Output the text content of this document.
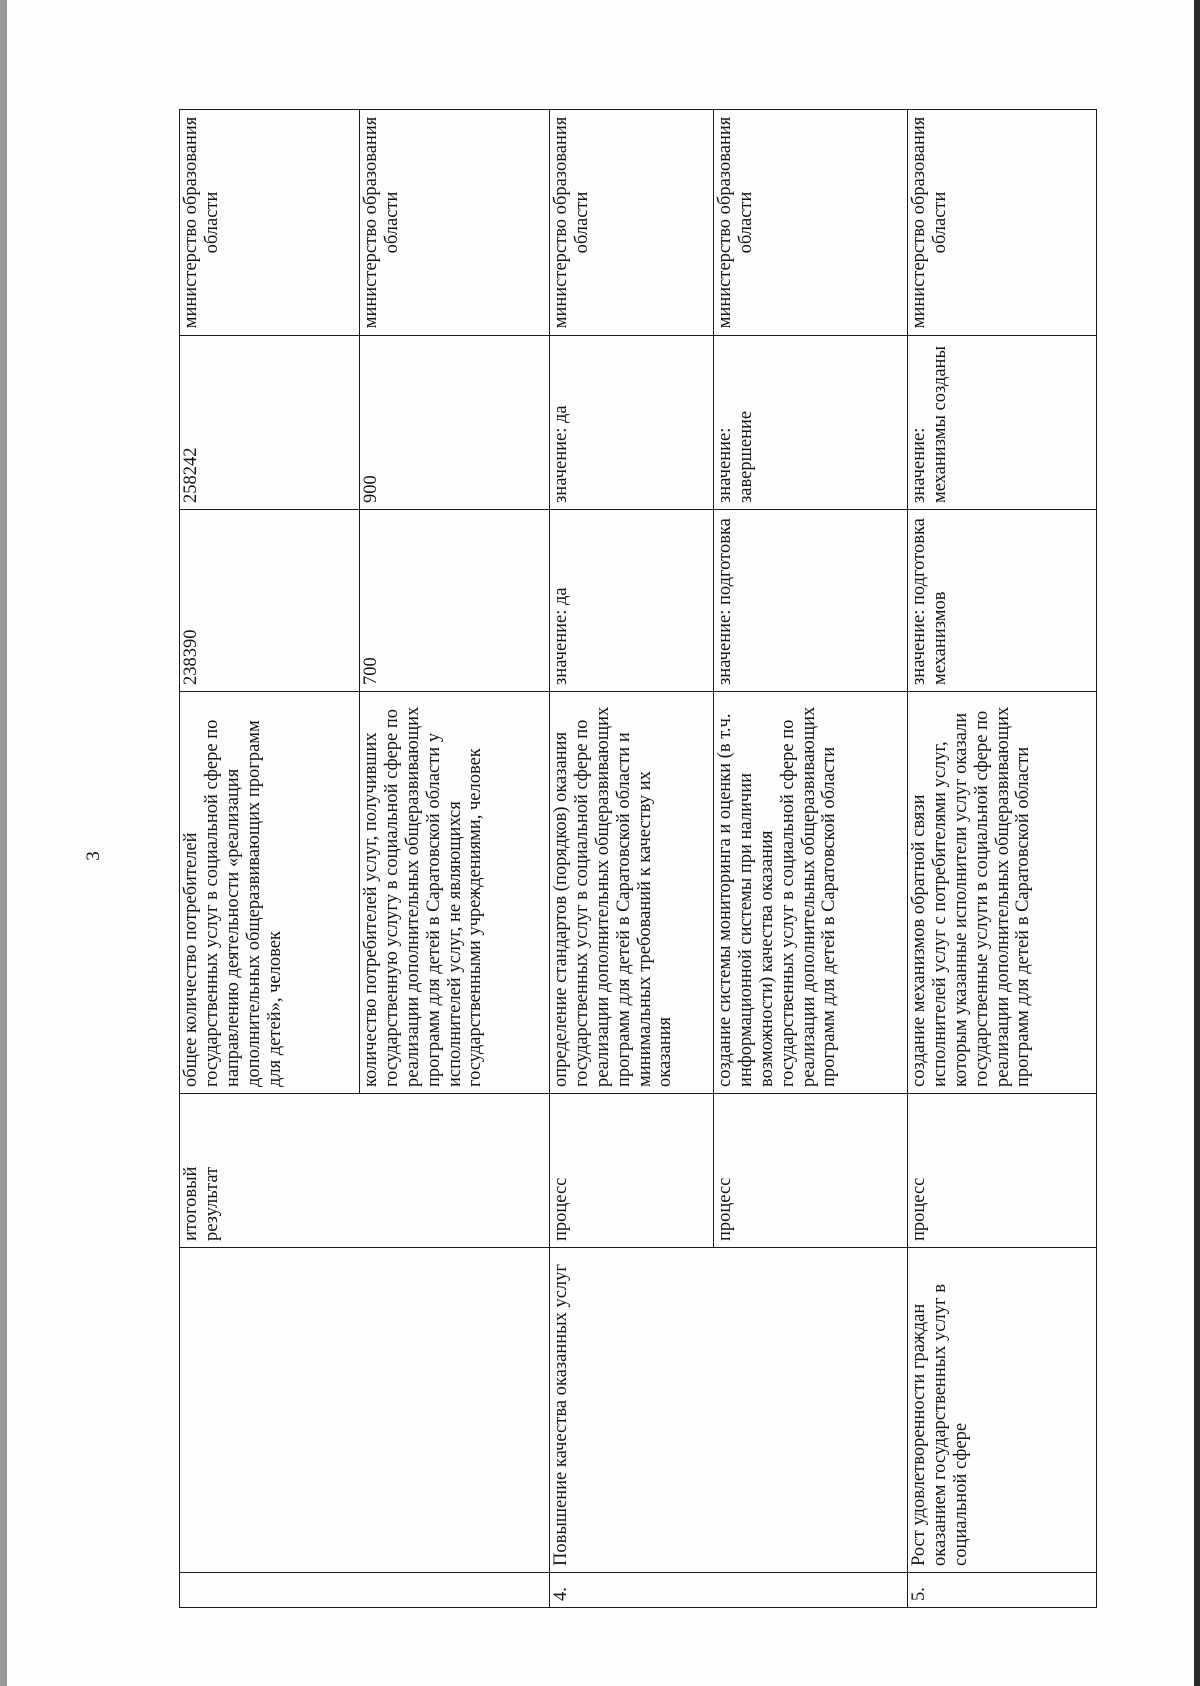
3
		итоговый результат	общее количество потребителей государственных услуг в социальной сфере по направлению деятельности «реализация дополнительных общеразвивающих программ для детей», человек	238390	258242	министерство образования области
			количество потребителей услуг, получивших государственную услугу в социальной сфере по реализации дополнительных общеразвивающих программ для детей в Саратовской области у исполнителей услуг, не являющихся государственными учреждениями, человек	700	900	министерство образования области
4.	Повышение качества оказанных услуг	процесс	определение стандартов (порядков) оказания государственных услуг в социальной сфере по реализации дополнительных общеразвивающих программ для детей в Саратовской области и минимальных требований к качеству их оказания	значение: да	значение: да	министерство образования области
		процесс	создание системы мониторинга и оценки (в т.ч. информационной системы при наличии возможности) качества оказания государственных услуг в социальной сфере по реализации дополнительных общеразвивающих программ для детей в Саратовской области	значение: подготовка	значение: завершение	министерство образования области
5.	Рост удовлетворенности граждан оказанием государственных услуг в социальной сфере	процесс	создание механизмов обратной связи исполнителей услуг с потребителями услуг, которым указанные исполнители услуг оказали государственные услуги в социальной сфере по реализации дополнительных общеразвивающих программ для детей в Саратовской области	значение: подготовка механизмов	значение: механизмы созданы	министерство образования области
